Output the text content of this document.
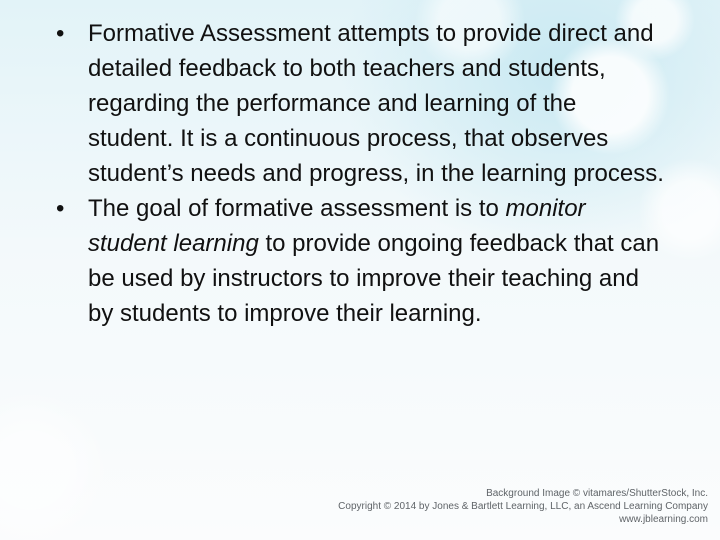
• Formative Assessment attempts to provide direct and detailed feedback to both teachers and students, regarding the performance and learning of the student. It is a continuous process, that observes student’s needs and progress, in the learning process.

• The goal of formative assessment is to monitor student learning to provide ongoing feedback that can be used by instructors to improve their teaching and by students to improve their learning.

Background Image © vitamares/ShutterStock, Inc.
Copyright © 2014 by Jones & Bartlett Learning, LLC, an Ascend Learning Company
www.jblearning.com
